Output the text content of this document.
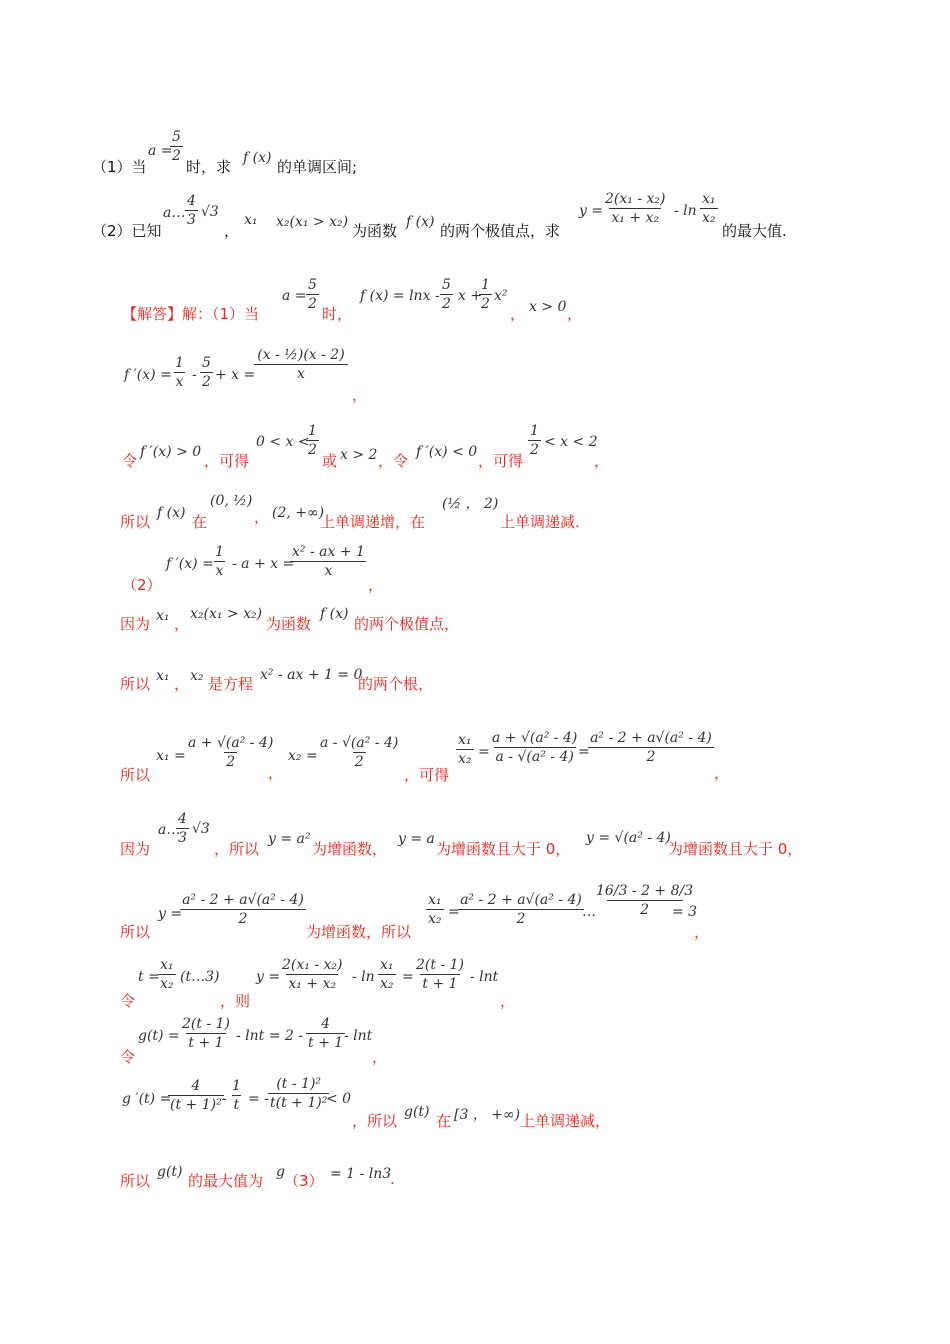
（1）当
a =
$\frac{5}{2}$
时，求 f (x) 的单调区间;
（2）已知
a… $\frac{4}{3} √3$
，
x₁ x₂(x₁ > x₂) 为函数 f (x) 的两个极值点，求
$y = \frac{\text{2(x₁ - x₂)}}{\text{x₁ + x₂}} - \ln \frac{\text{x₁}}{\text{x₂}}$
的最大值.
【解答】解：（1）当
$a = \frac{5}{2}$
时，
f $(x) = \ln x - \frac{5}{2}$ x +
$\frac{1}{2} x^2$
， x > 0 ，
f $'(x) = \frac{1}{x} - \frac{5}{2} + x$ =
$\frac{\text{(x - ½)(x - 2)}}{x}$
，
令 f ′(x) > 0 ，可得
0 < x <
$\frac{1}{2}$
或 x > 2 ，令 f ′(x) < 0 ，可得
$\frac{1}{2} < x < 2$
，
所以 f (x) 在
(0, ½)
， (2, +∞)
上单调递增，在
(½ ， 2)
上单调递减.
（2）
f $'(x) = \frac{1}{x} - a + x$ =
$\frac{\text{x² - ax + 1}}{x}$
，
因为 x₁ ，
x₂(x₁ > x₂)
为函数
f (x)
的两个极值点，
所以 x₁ ， x₂ 是方程 x² - ax + 1 = 0
的两个根，
所以
$x_1 = \frac{\text{a + √(a² - 4)}}{2}$
，
$x_2 = \frac{\text{a - √(a² - 4)}}{2}$
，可得
$\frac{\text{x₁}}{\text{x₂}} = \frac{\text{a + √(a² - 4)}}{\text{a - √(a² - 4)}}$
=
$\frac{\text{a² - 2 + a√(a² - 4)}}{2}$
，
因为
a…
$\frac{4}{3} √3$
，所以
y = a²
为增函数，
y = a
为增函数且大于 0，
y = √(a² - 4)
为增函数且大于 0，
所以
y =
$\frac{\text{a² - 2 + a√(a² - 4)}}{2}$
为增函数，所以
$\frac{\text{x₁}}{\text{x₂}}$ =
$\frac{\text{a² - 2 + a√(a² - 4)}}{2}$
…
$\frac{16/3 - 2 + 8/3}{2}$
= 3
，
令
t =
$\frac{\text{x₁}}{\text{x₂}}$ (t…3)
，则
$y = \frac{\text{2(x₁ - x₂)}}{\text{x₁ + x₂}} - \ln \frac{\text{x₁}}{\text{x₂}} = \frac{2(t - 1)}{t + 1} - \ln t$
，
令
$g(t) = \frac{2(t - 1)}{t + 1} - \ln t = 2 - \frac{4}{t + 1}$
- lnt
，
g ′(t) =
$\frac{4}{\text{(t + 1)²}}$
- $\frac{1}{t}$ = - $\frac{\text{(t - 1)²}}{\text{t(t + 1)²}}$
< 0
，所以 g(t) 在 [3 ， +∞) 上单调递减，
所以 g(t) 的最大值为 g （3） = 1 - ln3
.
